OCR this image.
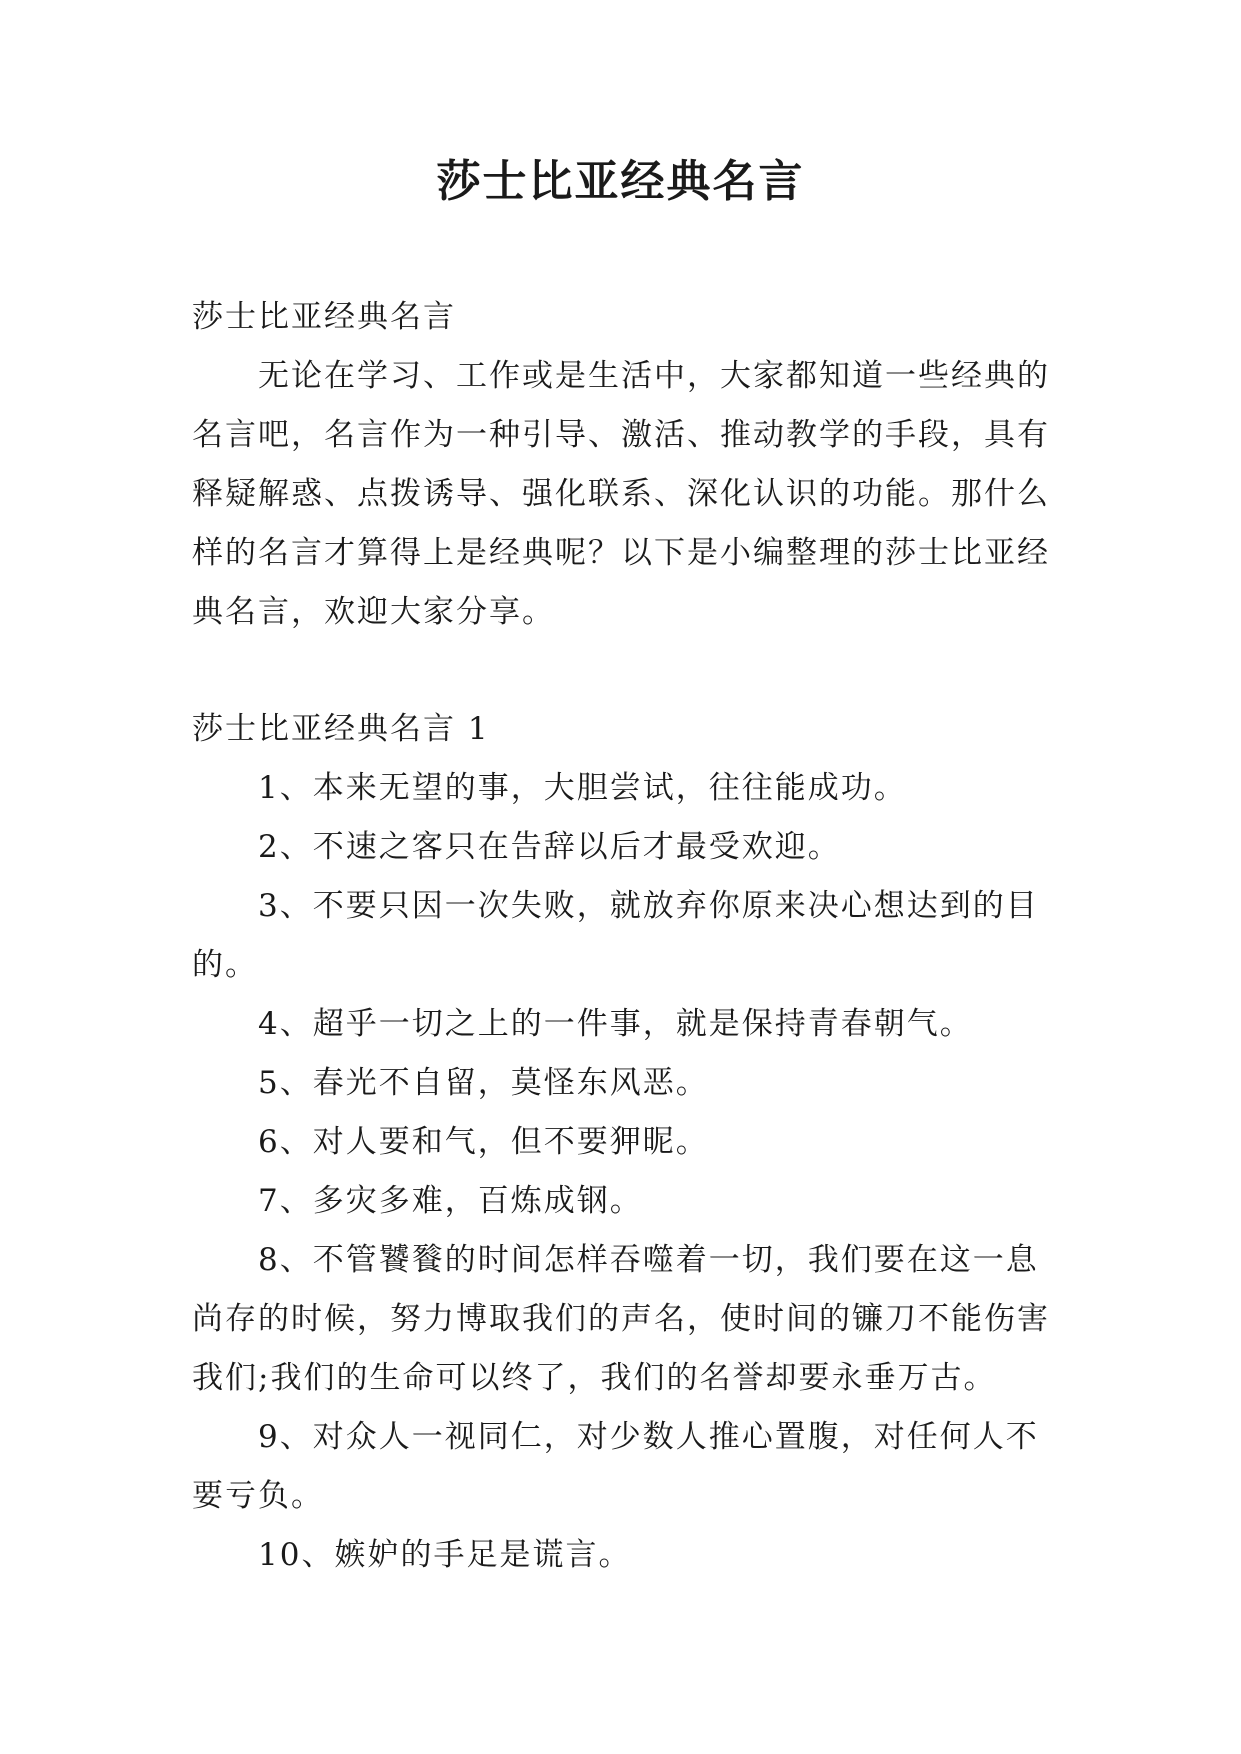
莎士比亚经典名言

莎士比亚经典名言

无论在学习、工作或是生活中，大家都知道一些经典的名言吧，名言作为一种引导、激活、推动教学的手段，具有释疑解惑、点拨诱导、强化联系、深化认识的功能。那什么样的名言才算得上是经典呢？以下是小编整理的莎士比亚经典名言，欢迎大家分享。

莎士比亚经典名言 1

1、本来无望的事，大胆尝试，往往能成功。

2、不速之客只在告辞以后才最受欢迎。

3、不要只因一次失败，就放弃你原来决心想达到的目的。

4、超乎一切之上的一件事，就是保持青春朝气。

5、春光不自留，莫怪东风恶。

6、对人要和气，但不要狎昵。

7、多灾多难，百炼成钢。

8、不管饕餮的时间怎样吞噬着一切，我们要在这一息尚存的时候，努力博取我们的声名，使时间的镰刀不能伤害我们;我们的生命可以终了，我们的名誉却要永垂万古。

9、对众人一视同仁，对少数人推心置腹，对任何人不要亏负。

10、嫉妒的手足是谎言。
